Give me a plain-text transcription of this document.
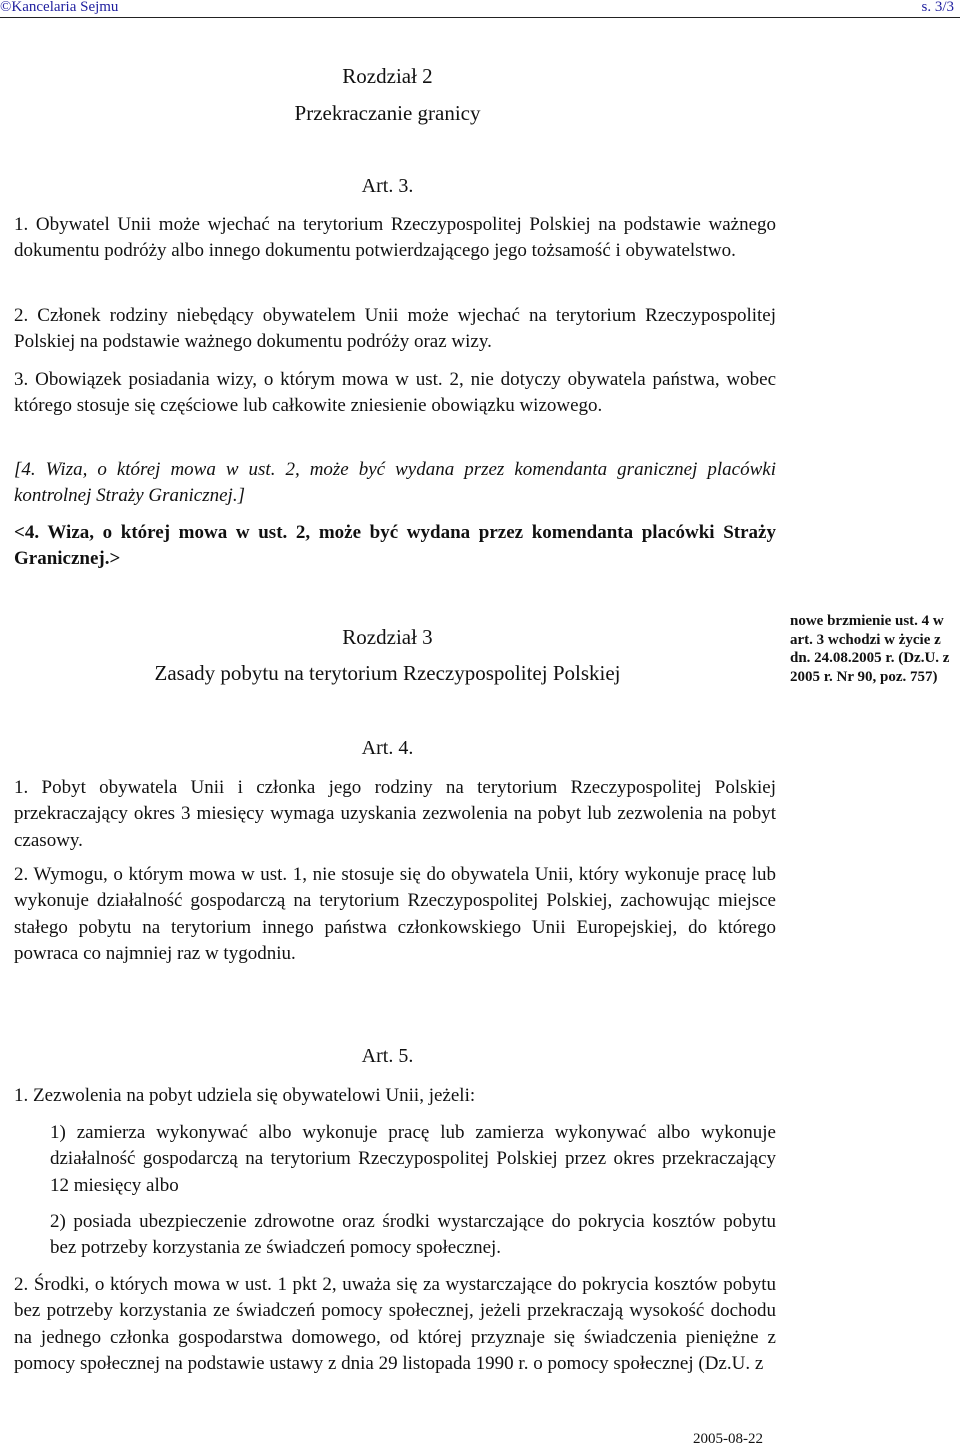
©Kancelaria Sejmu	s. 3/3
Rozdział 2
Przekraczanie granicy
Art. 3.
1. Obywatel Unii może wjechać na terytorium Rzeczypospolitej Polskiej na podstawie ważnego dokumentu podróży albo innego dokumentu potwierdzającego jego tożsamość i obywatelstwo.
2. Członek rodziny niebędący obywatelem Unii może wjechać na terytorium Rzeczypospolitej Polskiej na podstawie ważnego dokumentu podróży oraz wizy.
3. Obowiązek posiadania wizy, o którym mowa w ust. 2, nie dotyczy obywatela państwa, wobec którego stosuje się częściowe lub całkowite zniesienie obowiązku wizowego.
[4. Wiza, o której mowa w ust. 2, może być wydana przez komendanta granicznej placówki kontrolnej Straży Granicznej.]
<4. Wiza, o której mowa w ust. 2, może być wydana przez komendanta placówki Straży Granicznej.>
Rozdział 3
Zasady pobytu na terytorium Rzeczypospolitej Polskiej
nowe brzmienie ust. 4 w art. 3 wchodzi w życie z dn. 24.08.2005 r. (Dz.U. z 2005 r. Nr 90, poz. 757)
Art. 4.
1. Pobyt obywatela Unii i członka jego rodziny na terytorium Rzeczypospolitej Polskiej przekraczający okres 3 miesięcy wymaga uzyskania zezwolenia na pobyt lub zezwolenia na pobyt czasowy.
2. Wymogu, o którym mowa w ust. 1, nie stosuje się do obywatela Unii, który wykonuje pracę lub wykonuje działalność gospodarczą na terytorium Rzeczypospolitej Polskiej, zachowując miejsce stałego pobytu na terytorium innego państwa członkowskiego Unii Europejskiej, do którego powraca co najmniej raz w tygodniu.
Art. 5.
1. Zezwolenia na pobyt udziela się obywatelowi Unii, jeżeli:
1) zamierza wykonywać albo wykonuje pracę lub zamierza wykonywać albo wykonuje działalność gospodarczą na terytorium Rzeczypospolitej Polskiej przez okres przekraczający 12 miesięcy albo
2) posiada ubezpieczenie zdrowotne oraz środki wystarczające do pokrycia kosztów pobytu bez potrzeby korzystania ze świadczeń pomocy społecznej.
2. Środki, o których mowa w ust. 1 pkt 2, uważa się za wystarczające do pokrycia kosztów pobytu bez potrzeby korzystania ze świadczeń pomocy społecznej, jeżeli przekraczają wysokość dochodu na jednego członka gospodarstwa domowego, od której przyznaje się świadczenia pieniężne z pomocy społecznej na podstawie ustawy z dnia 29 listopada 1990 r. o pomocy społecznej (Dz.U. z
2005-08-22
